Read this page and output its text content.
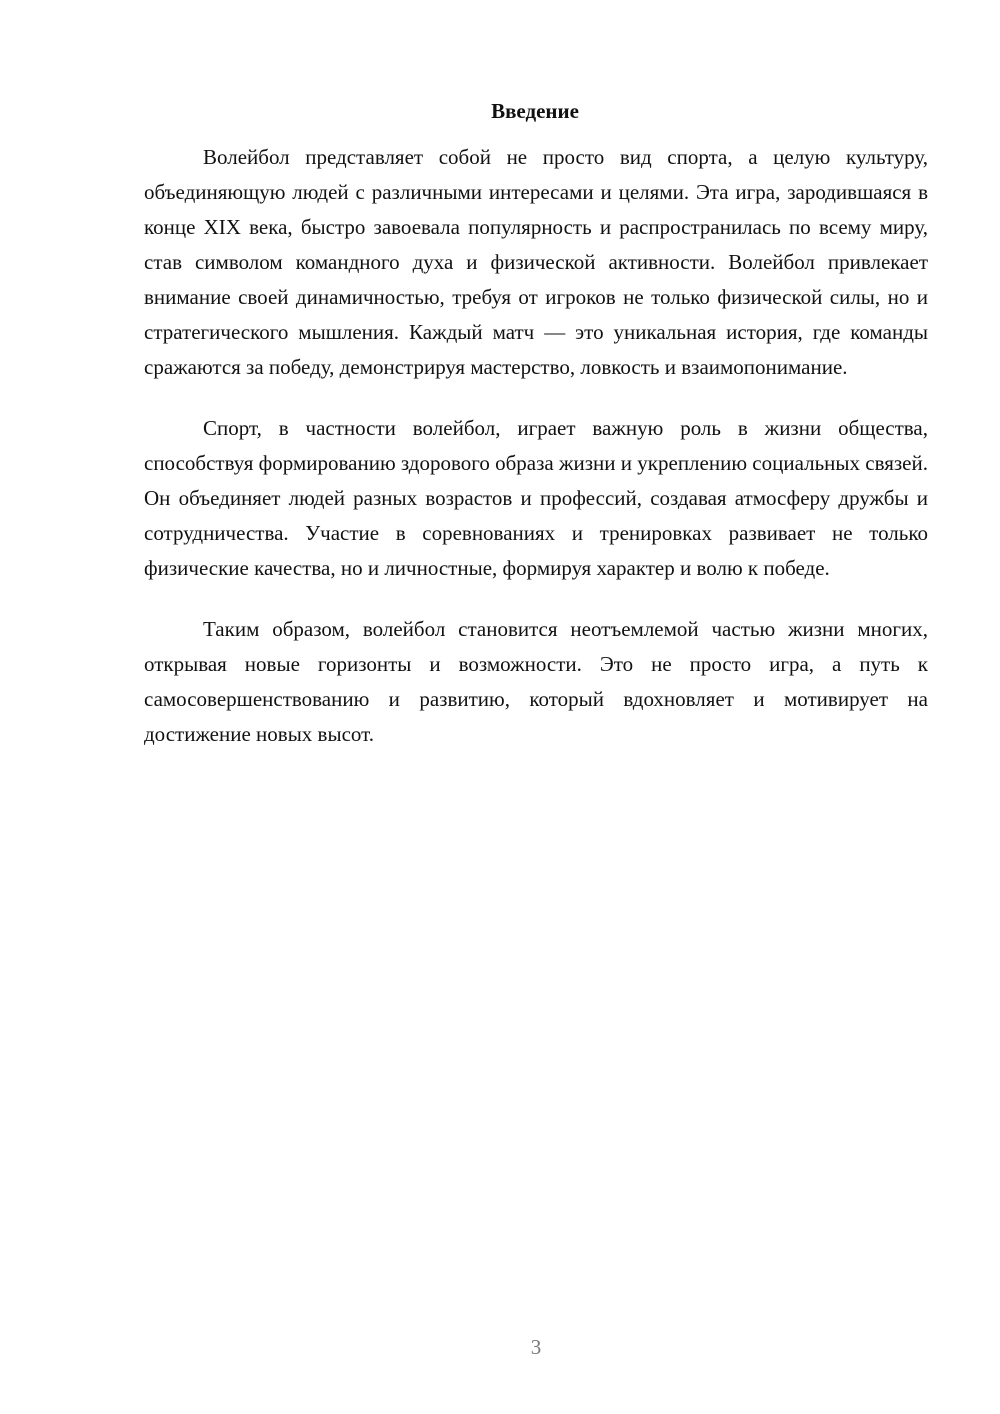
Введение

Волейбол представляет собой не просто вид спорта, а целую культуру, объединяющую людей с различными интересами и целями. Эта игра, зародившаяся в конце XIX века, быстро завоевала популярность и распространилась по всему миру, став символом командного духа и физической активности. Волейбол привлекает внимание своей динамичностью, требуя от игроков не только физической силы, но и стратегического мышления. Каждый матч — это уникальная история, где команды сражаются за победу, демонстрируя мастерство, ловкость и взаимопонимание.

Спорт, в частности волейбол, играет важную роль в жизни общества, способствуя формированию здорового образа жизни и укреплению социальных связей. Он объединяет людей разных возрастов и профессий, создавая атмосферу дружбы и сотрудничества. Участие в соревнованиях и тренировках развивает не только физические качества, но и личностные, формируя характер и волю к победе.

Таким образом, волейбол становится неотъемлемой частью жизни многих, открывая новые горизонты и возможности. Это не просто игра, а путь к самосовершенствованию и развитию, который вдохновляет и мотивирует на достижение новых высот.

3
